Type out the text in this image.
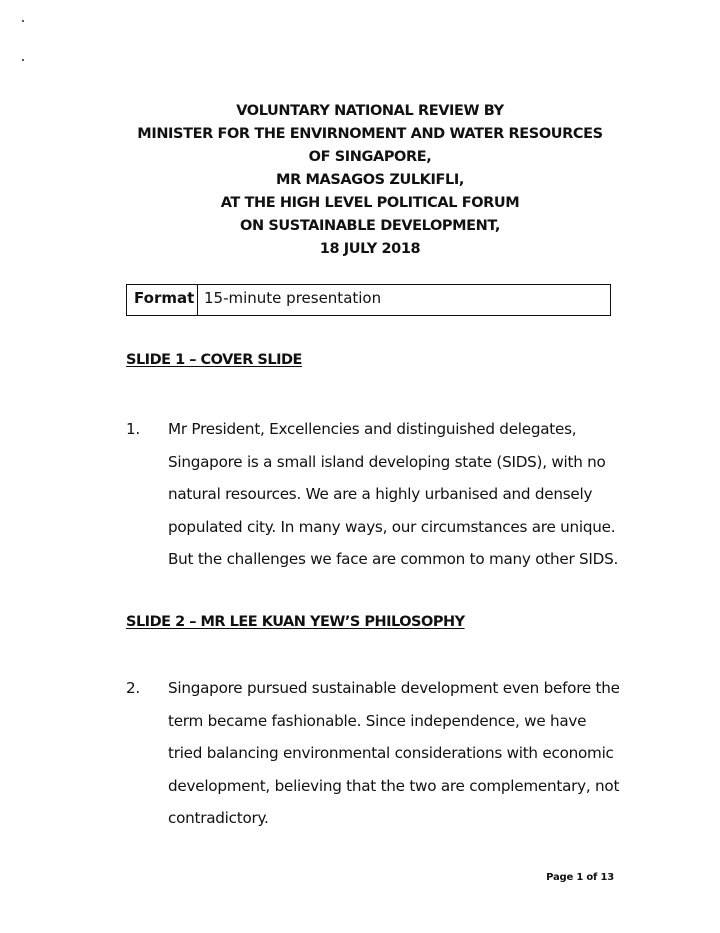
VOLUNTARY NATIONAL REVIEW BY
MINISTER FOR THE ENVIRNOMENT AND WATER RESOURCES
OF SINGAPORE,
MR MASAGOS ZULKIFLI,
AT THE HIGH LEVEL POLITICAL FORUM
ON SUSTAINABLE DEVELOPMENT,
18 JULY 2018
Format 15-minute presentation
SLIDE 1 – COVER SLIDE
1. Mr President, Excellencies and distinguished delegates,
Singapore is a small island developing state (SIDS), with no
natural resources. We are a highly urbanised and densely
populated city. In many ways, our circumstances are unique.
But the challenges we face are common to many other SIDS.
SLIDE 2 – MR LEE KUAN YEW’S PHILOSOPHY
2. Singapore pursued sustainable development even before the
term became fashionable. Since independence, we have
tried balancing environmental considerations with economic
development, believing that the two are complementary, not
contradictory.
Page 1 of 13
